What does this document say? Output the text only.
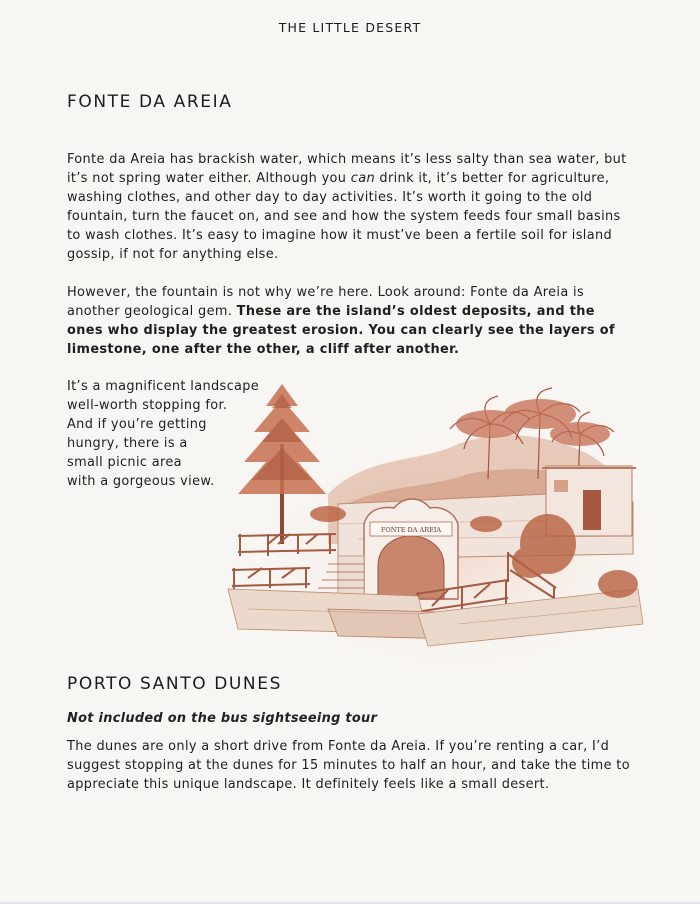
THE LITTLE DESERT
FONTE DA AREIA

Fonte da Areia has brackish water, which means it’s less salty than sea water, but it’s not spring water either. Although you can drink it, it’s better for agriculture, washing clothes, and other day to day activities. It’s worth it going to the old fountain, turn the faucet on, and see and how the system feeds four small basins to wash clothes. It’s easy to imagine how it must’ve been a fertile soil for island gossip, if not for anything else.

However, the fountain is not why we’re here. Look around: Fonte da Areia is another geological gem. These are the island’s oldest deposits, and the ones who display the greatest erosion. You can clearly see the layers of limestone, one after the other, a cliff after another.

It’s a magnificent landscape
well-worth stopping for.
And if you’re getting
hungry, there is a
small picnic area
with a gorgeous view.

FONTE DA AREIA
PORTO SANTO DUNES

Not included on the bus sightseeing tour

The dunes are only a short drive from Fonte da Areia. If you’re renting a car, I’d suggest stopping at the dunes for 15 minutes to half an hour, and take the time to appreciate this unique landscape. It definitely feels like a small desert.
